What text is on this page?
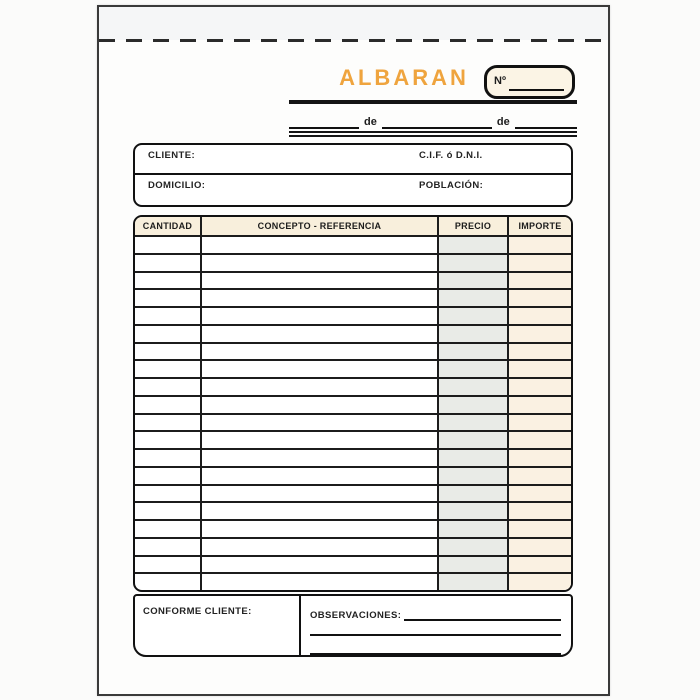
ALBARAN	Nº
de	de
CLIENTE:	C.I.F. ó D.N.I.
DOMICILIO:	POBLACIÓN:
CANTIDAD	CONCEPTO - REFERENCIA	PRECIO	IMPORTE
CONFORME CLIENTE:	OBSERVACIONES:
